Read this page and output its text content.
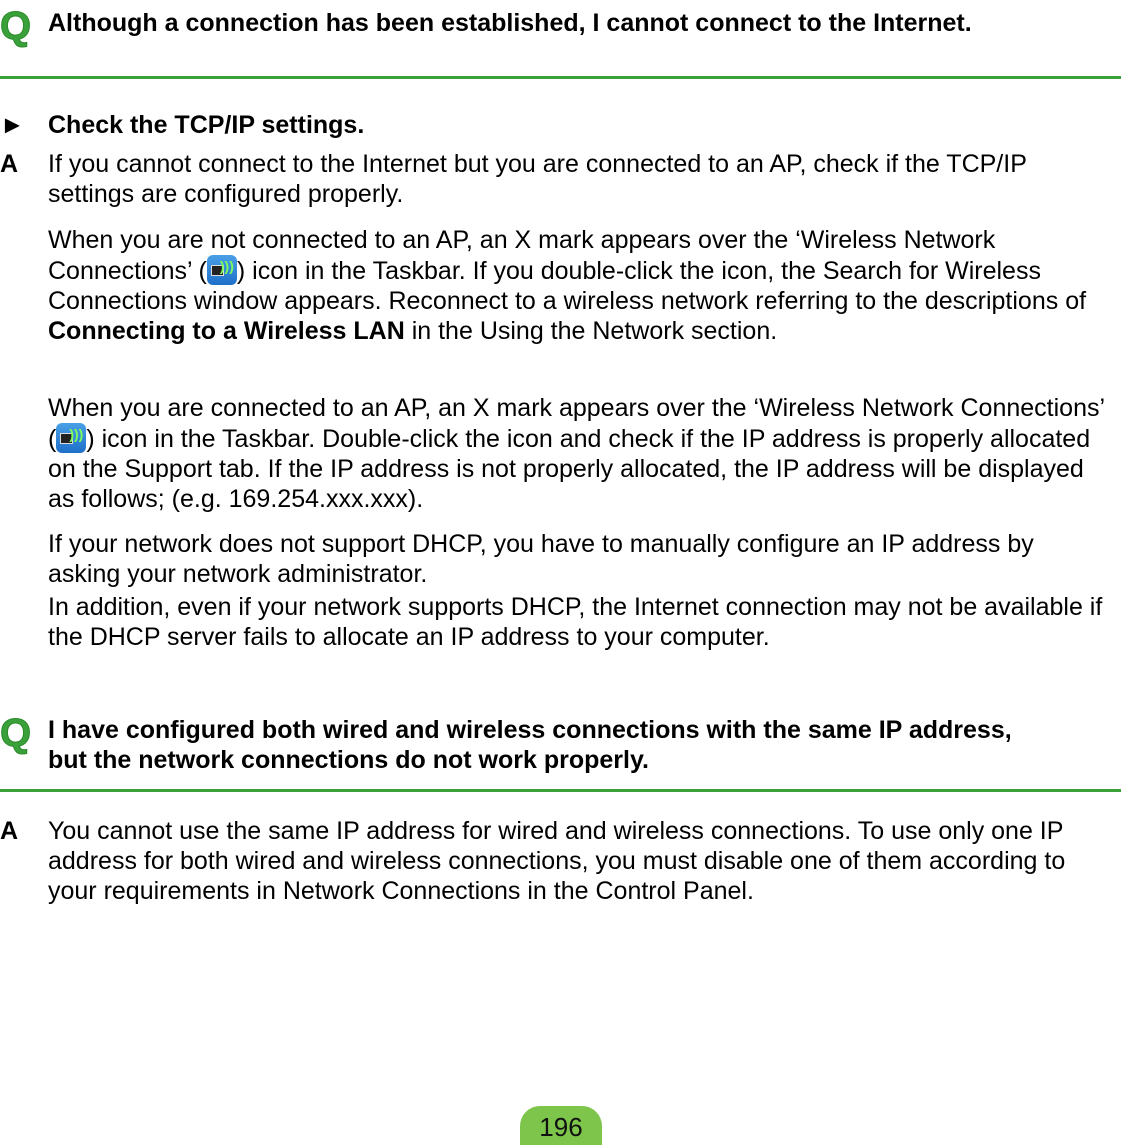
Q Although a connection has been established, I cannot connect to the Internet.
► Check the TCP/IP settings.
A If you cannot connect to the Internet but you are connected to an AP, check if the TCP/IP settings are configured properly.
When you are not connected to an AP, an X mark appears over the ‘Wireless Network Connections’ ( ))) ) icon in the Taskbar. If you double-click the icon, the Search for Wireless Connections window appears. Reconnect to a wireless network referring to the descriptions of Connecting to a Wireless LAN in the Using the Network section.
When you are connected to an AP, an X mark appears over the ‘Wireless Network Connections’ ( ))) ) icon in the Taskbar. Double-click the icon and check if the IP address is properly allocated on the Support tab. If the IP address is not properly allocated, the IP address will be displayed as follows; (e.g. 169.254.xxx.xxx).
If your network does not support DHCP, you have to manually configure an IP address by asking your network administrator.
In addition, even if your network supports DHCP, the Internet connection may not be available if the DHCP server fails to allocate an IP address to your computer.
Q I have configured both wired and wireless connections with the same IP address, but the network connections do not work properly.
A You cannot use the same IP address for wired and wireless connections. To use only one IP address for both wired and wireless connections, you must disable one of them according to your requirements in Network Connections in the Control Panel.
196
